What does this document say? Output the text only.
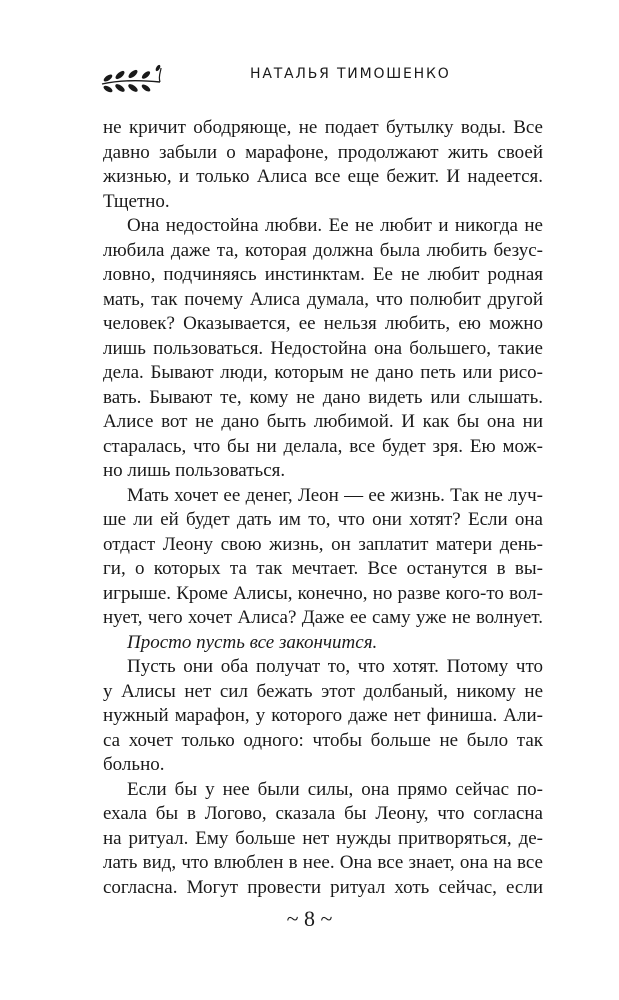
НАТАЛЬЯ ТИМОШЕНКО
не кричит ободряюще, не подает бутылку воды. Все
давно забыли о марафоне, продолжают жить своей
жизнью, и только Алиса все еще бежит. И надеется.
Тщетно.
Она недостойна любви. Ее не любит и никогда не
любила даже та, которая должна была любить безус-
ловно, подчиняясь инстинктам. Ее не любит родная
мать, так почему Алиса думала, что полюбит другой
человек? Оказывается, ее нельзя любить, ею можно
лишь пользоваться. Недостойна она большего, такие
дела. Бывают люди, которым не дано петь или рисо-
вать. Бывают те, кому не дано видеть или слышать.
Алисе вот не дано быть любимой. И как бы она ни
старалась, что бы ни делала, все будет зря. Ею мож-
но лишь пользоваться.
Мать хочет ее денег, Леон — ее жизнь. Так не луч-
ше ли ей будет дать им то, что они хотят? Если она
отдаст Леону свою жизнь, он заплатит матери день-
ги, о которых та так мечтает. Все останутся в вы-
игрыше. Кроме Алисы, конечно, но разве кого-то вол-
нует, чего хочет Алиса? Даже ее саму уже не волнует.
Просто пусть все закончится.
Пусть они оба получат то, что хотят. Потому что
у Алисы нет сил бежать этот долбаный, никому не
нужный марафон, у которого даже нет финиша. Али-
са хочет только одного: чтобы больше не было так
больно.
Если бы у нее были силы, она прямо сейчас по-
ехала бы в Логово, сказала бы Леону, что согласна
на ритуал. Ему больше нет нужды притворяться, де-
лать вид, что влюблен в нее. Она все знает, она на все
согласна. Могут провести ритуал хоть сейчас, если
~ 8 ~
